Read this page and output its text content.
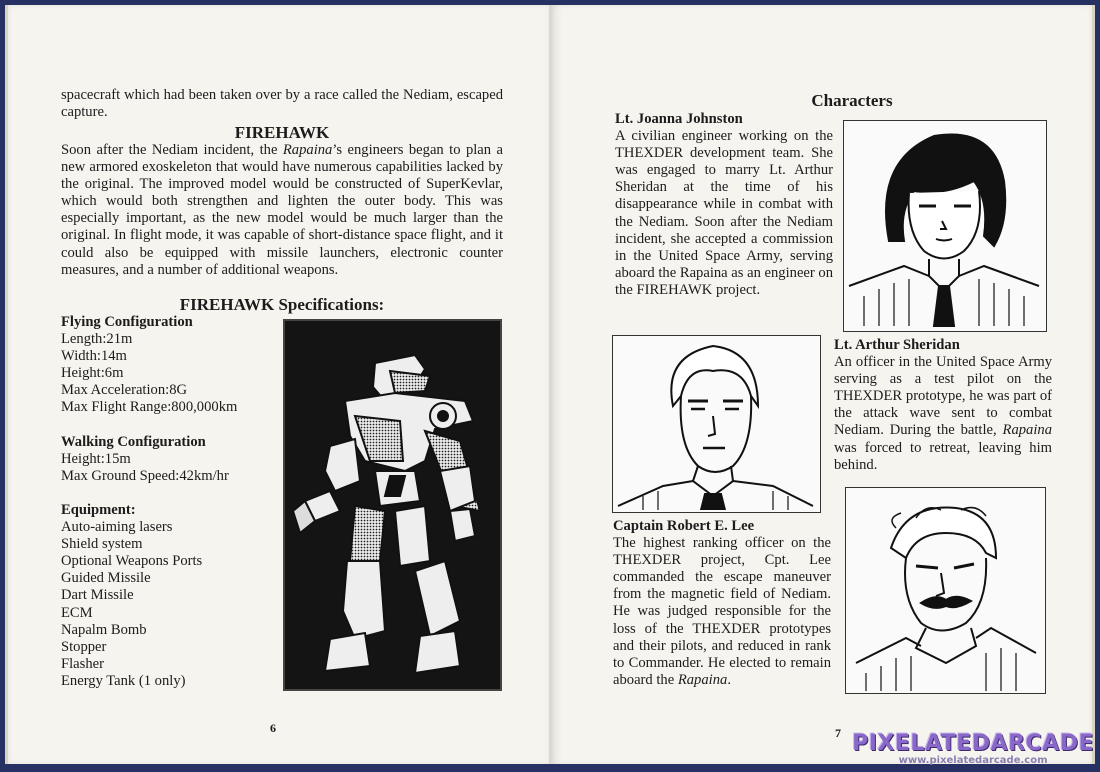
spacecraft which had been taken over by a race called the Nediam, escaped capture.

FIREHAWK

Soon after the Nediam incident, the Rapaina’s engineers began to plan a new armored exoskeleton that would have numerous capabilities lacked by the original. The improved model would be constructed of SuperKevlar, which would both strengthen and lighten the outer body. This was especially important, as the new model would be much larger than the original. In flight mode, it was capable of short-distance space flight, and it could also be equipped with missile launchers, electronic counter measures, and a number of additional weapons.

FIREHAWK Specifications:
Flying Configuration
Length:21m
Width:14m
Height:6m
Max Acceleration:8G
Max Flight Range:800,000km
Walking Configuration
Height:15m
Max Ground Speed:42km/hr
Equipment:
Auto-aiming lasers
Shield system
Optional Weapons Ports
Guided Missile
Dart Missile
ECM
Napalm Bomb
Stopper
Flasher
Energy Tank (1 only)
6
Characters
Lt. Joanna Johnston

A civilian engineer working on the THEXDER development team. She was engaged to marry Lt. Arthur Sheridan at the time of his disappearance while in combat with the Nediam. Soon after the Nediam incident, she accepted a commission in the United Space Army, serving aboard the Rapaina as an engineer on the FIREHAWK project.

Lt. Arthur Sheridan

An officer in the United Space Army serving as a test pilot on the THEXDER prototype, he was part of the attack wave sent to combat Nediam. During the battle, Rapaina was forced to retreat, leaving him behind.

Captain Robert E. Lee

The highest ranking officer on the THEXDER project, Cpt. Lee commanded the escape maneuver from the magnetic field of Nediam. He was judged responsible for the loss of the THEXDER prototypes and their pilots, and reduced in rank to Commander. He elected to remain aboard the Rapaina.

7 PIXELATEDARCADE
www.pixelatedarcade.com
